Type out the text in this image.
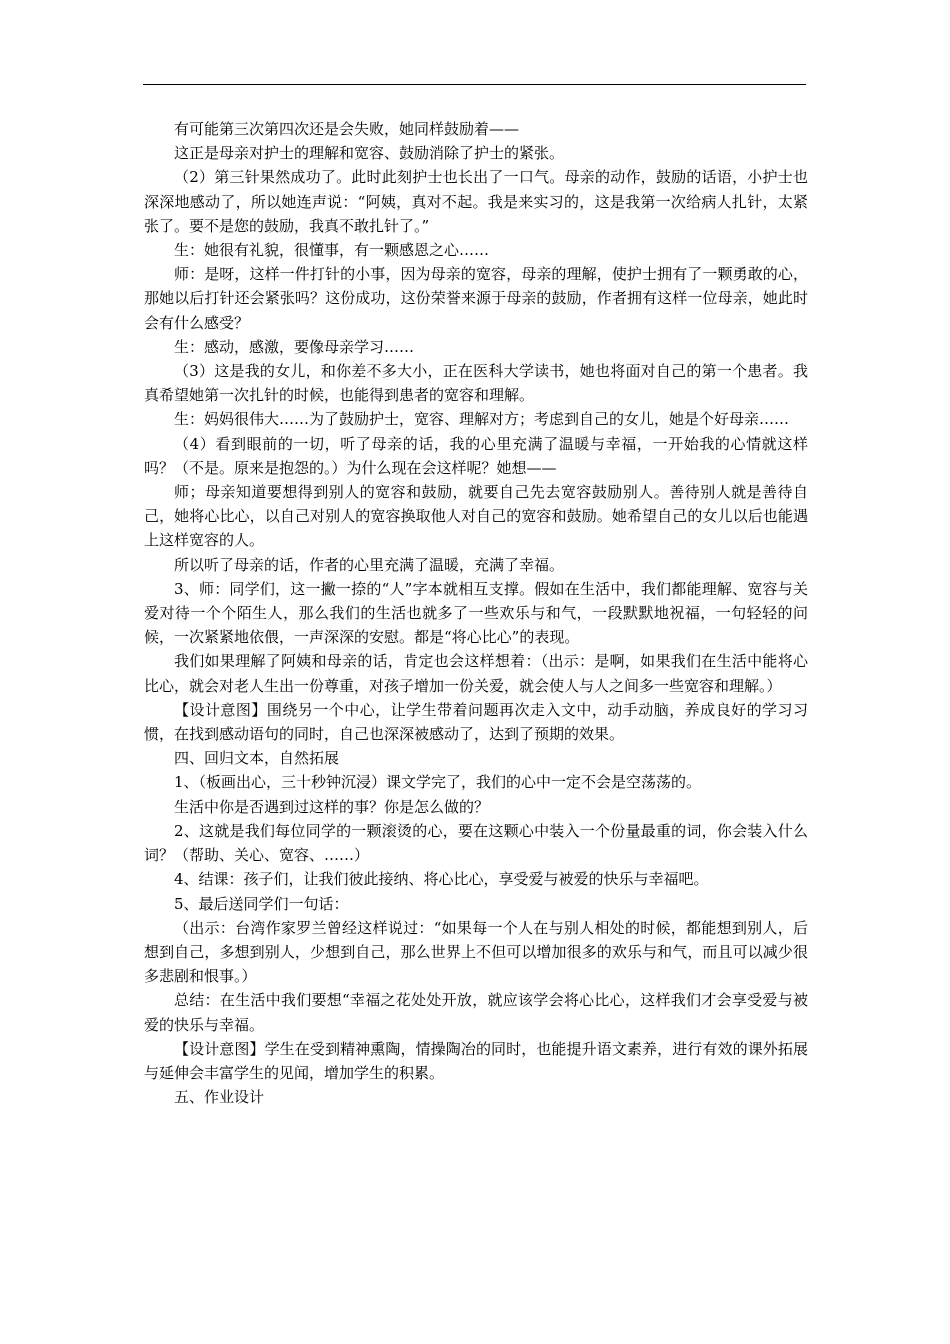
有可能第三次第四次还是会失败，她同样鼓励着——

这正是母亲对护士的理解和宽容、鼓励消除了护士的紧张。

（2）第三针果然成功了。此时此刻护士也长出了一口气。母亲的动作，鼓励的话语，小护士也深深地感动了，所以她连声说：“阿姨，真对不起。我是来实习的，这是我第一次给病人扎针，太紧张了。要不是您的鼓励，我真不敢扎针了。”

生：她很有礼貌，很懂事，有一颗感恩之心……

师：是呀，这样一件打针的小事，因为母亲的宽容，母亲的理解，使护士拥有了一颗勇敢的心，那她以后打针还会紧张吗？这份成功，这份荣誉来源于母亲的鼓励，作者拥有这样一位母亲，她此时会有什么感受？

生：感动，感激，要像母亲学习……

（3）这是我的女儿，和你差不多大小，正在医科大学读书，她也将面对自己的第一个患者。我真希望她第一次扎针的时候，也能得到患者的宽容和理解。

生：妈妈很伟大……为了鼓励护士，宽容、理解对方；考虑到自己的女儿，她是个好母亲……

（4）看到眼前的一切，听了母亲的话，我的心里充满了温暖与幸福，一开始我的心情就这样吗？（不是。原来是抱怨的。）为什么现在会这样呢？她想——

师；母亲知道要想得到别人的宽容和鼓励，就要自己先去宽容鼓励别人。善待别人就是善待自己，她将心比心，以自己对别人的宽容换取他人对自己的宽容和鼓励。她希望自己的女儿以后也能遇上这样宽容的人。

所以听了母亲的话，作者的心里充满了温暖，充满了幸福。

3、师：同学们，这一撇一捺的“人”字本就相互支撑。假如在生活中，我们都能理解、宽容与关爱对待一个个陌生人，那么我们的生活也就多了一些欢乐与和气，一段默默地祝福，一句轻轻的问候，一次紧紧地依偎，一声深深的安慰。都是“将心比心”的表现。

我们如果理解了阿姨和母亲的话，肯定也会这样想着：（出示：是啊，如果我们在生活中能将心比心，就会对老人生出一份尊重，对孩子增加一份关爱，就会使人与人之间多一些宽容和理解。）

【设计意图】围绕另一个中心，让学生带着问题再次走入文中，动手动脑，养成良好的学习习惯，在找到感动语句的同时，自己也深深被感动了，达到了预期的效果。

四、回归文本，自然拓展

1、（板画出心，三十秒钟沉浸）课文学完了，我们的心中一定不会是空荡荡的。

生活中你是否遇到过这样的事？你是怎么做的？

2、这就是我们每位同学的一颗滚烫的心，要在这颗心中装入一个份量最重的词，你会装入什么词？（帮助、关心、宽容、……）

4、结课：孩子们，让我们彼此接纳、将心比心，享受爱与被爱的快乐与幸福吧。

5、最后送同学们一句话：

（出示：台湾作家罗兰曾经这样说过：“如果每一个人在与别人相处的时候，都能想到别人，后想到自己，多想到别人，少想到自己，那么世界上不但可以增加很多的欢乐与和气，而且可以减少很多悲剧和恨事。）

总结：在生活中我们要想“幸福之花处处开放，就应该学会将心比心，这样我们才会享受爱与被爱的快乐与幸福。

【设计意图】学生在受到精神熏陶，情操陶冶的同时，也能提升语文素养，进行有效的课外拓展与延伸会丰富学生的见闻，增加学生的积累。

五、作业设计
